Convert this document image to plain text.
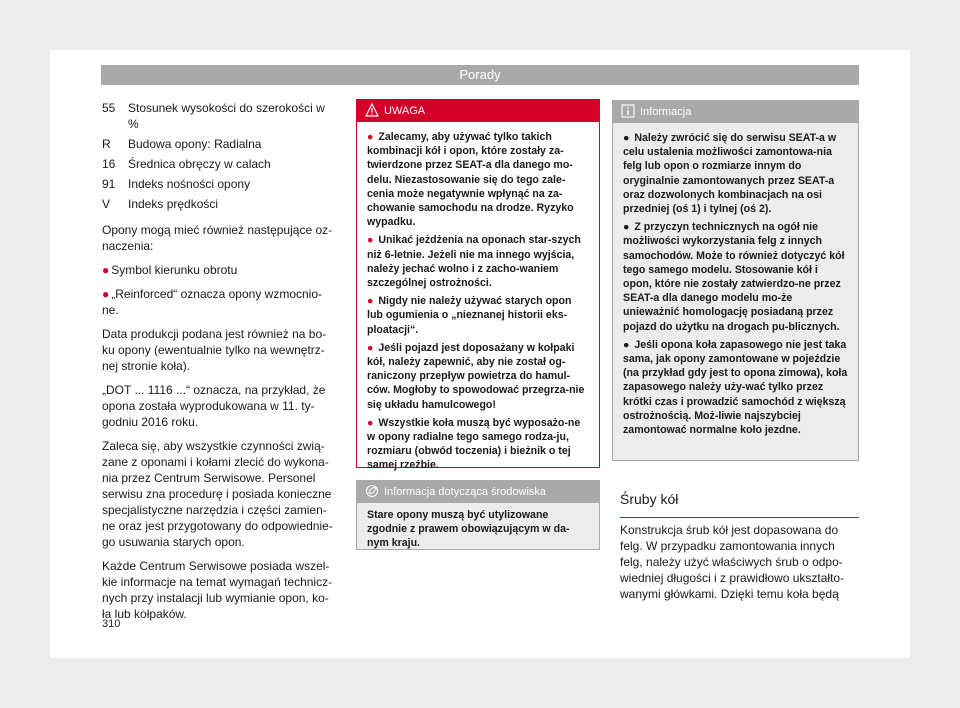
Porady
55	Stosunek wysokości do szerokości w %
R	Budowa opony: Radialna
16	Średnica obręczy w calach
91	Indeks nośności opony
V	Indeks prędkości

Opony mogą mieć również następujące oz-naczenia:

● Symbol kierunku obrotu

● „Reinforced“ oznacza opony wzmocnio-ne.

Data produkcji podana jest również na bo-ku opony (ewentualnie tylko na wewnętrz-nej stronie koła).

„DOT ... 1116 ...“ oznacza, na przykład, że opona została wyprodukowana w 11. ty-godniu 2016 roku.

Zaleca się, aby wszystkie czynności zwią-zane z oponami i kołami zlecić do wykona-nia przez Centrum Serwisowe. Personel serwisu zna procedurę i posiada konieczne specjalistyczne narzędzia i części zamien-ne oraz jest przygotowany do odpowiednie-go usuwania starych opon.

Każde Centrum Serwisowe posiada wszel-kie informacje na temat wymagań technicz-nych przy instalacji lub wymianie opon, ko-ła lub kołpaków.

UWAGA

● Zalecamy, aby używać tylko takich kombinacji kół i opon, które zostały za-twierdzone przez SEAT-a dla danego mo-delu. Niezastosowanie się do tego zale-cenia może negatywnie wpłynąć na za-chowanie samochodu na drodze. Ryzyko wypadku.

● Unikać jeżdżenia na oponach star-szych niż 6-letnie. Jeżeli nie ma innego wyjścia, należy jechać wolno i z zacho-waniem szczególnej ostrożności.

● Nigdy nie należy używać starych opon lub ogumienia o „nieznanej historii eks-ploatacji“.

● Jeśli pojazd jest doposażany w kołpaki kół, należy zapewnić, aby nie został og-raniczony przepływ powietrza do hamul-ców. Mogłoby to spowodować przegrza-nie się układu hamulcowego!

● Wszystkie koła muszą być wyposażo-ne w opony radialne tego samego rodza-ju, rozmiaru (obwód toczenia) i bieżnik o tej samej rzeźbie.

Informacja dotycząca środowiska

Stare opony muszą być utylizowane zgodnie z prawem obowiązującym w da-nym kraju.

Informacja

● Należy zwrócić się do serwisu SEAT-a w celu ustalenia możliwości zamontowa-nia felg lub opon o rozmiarze innym do oryginalnie zamontowanych przez SEAT-a oraz dozwolonych kombinacjach na osi przedniej (oś 1) i tylnej (oś 2).

● Z przyczyn technicznych na ogół nie możliwości wykorzystania felg z innych samochodów. Może to również dotyczyć kół tego samego modelu. Stosowanie kół i opon, które nie zostały zatwierdzo-ne przez SEAT-a dla danego modelu mo-że unieważnić homologację posiadaną przez pojazd do użytku na drogach pu-blicznych.

● Jeśli opona koła zapasowego nie jest taka sama, jak opony zamontowane w pojeździe (na przykład gdy jest to opona zimowa), koła zapasowego należy uży-wać tylko przez krótki czas i prowadzić samochód z większą ostrożnością. Moż-liwie najszybciej zamontować normalne koło jezdne.

Śruby kół

Konstrukcja śrub kół jest dopasowana do felg. W przypadku zamontowania innych felg, należy użyć właściwych śrub o odpo-wiedniej długości i z prawidłowo ukształto-wanymi główkami. Dzięki temu koła będą

310
